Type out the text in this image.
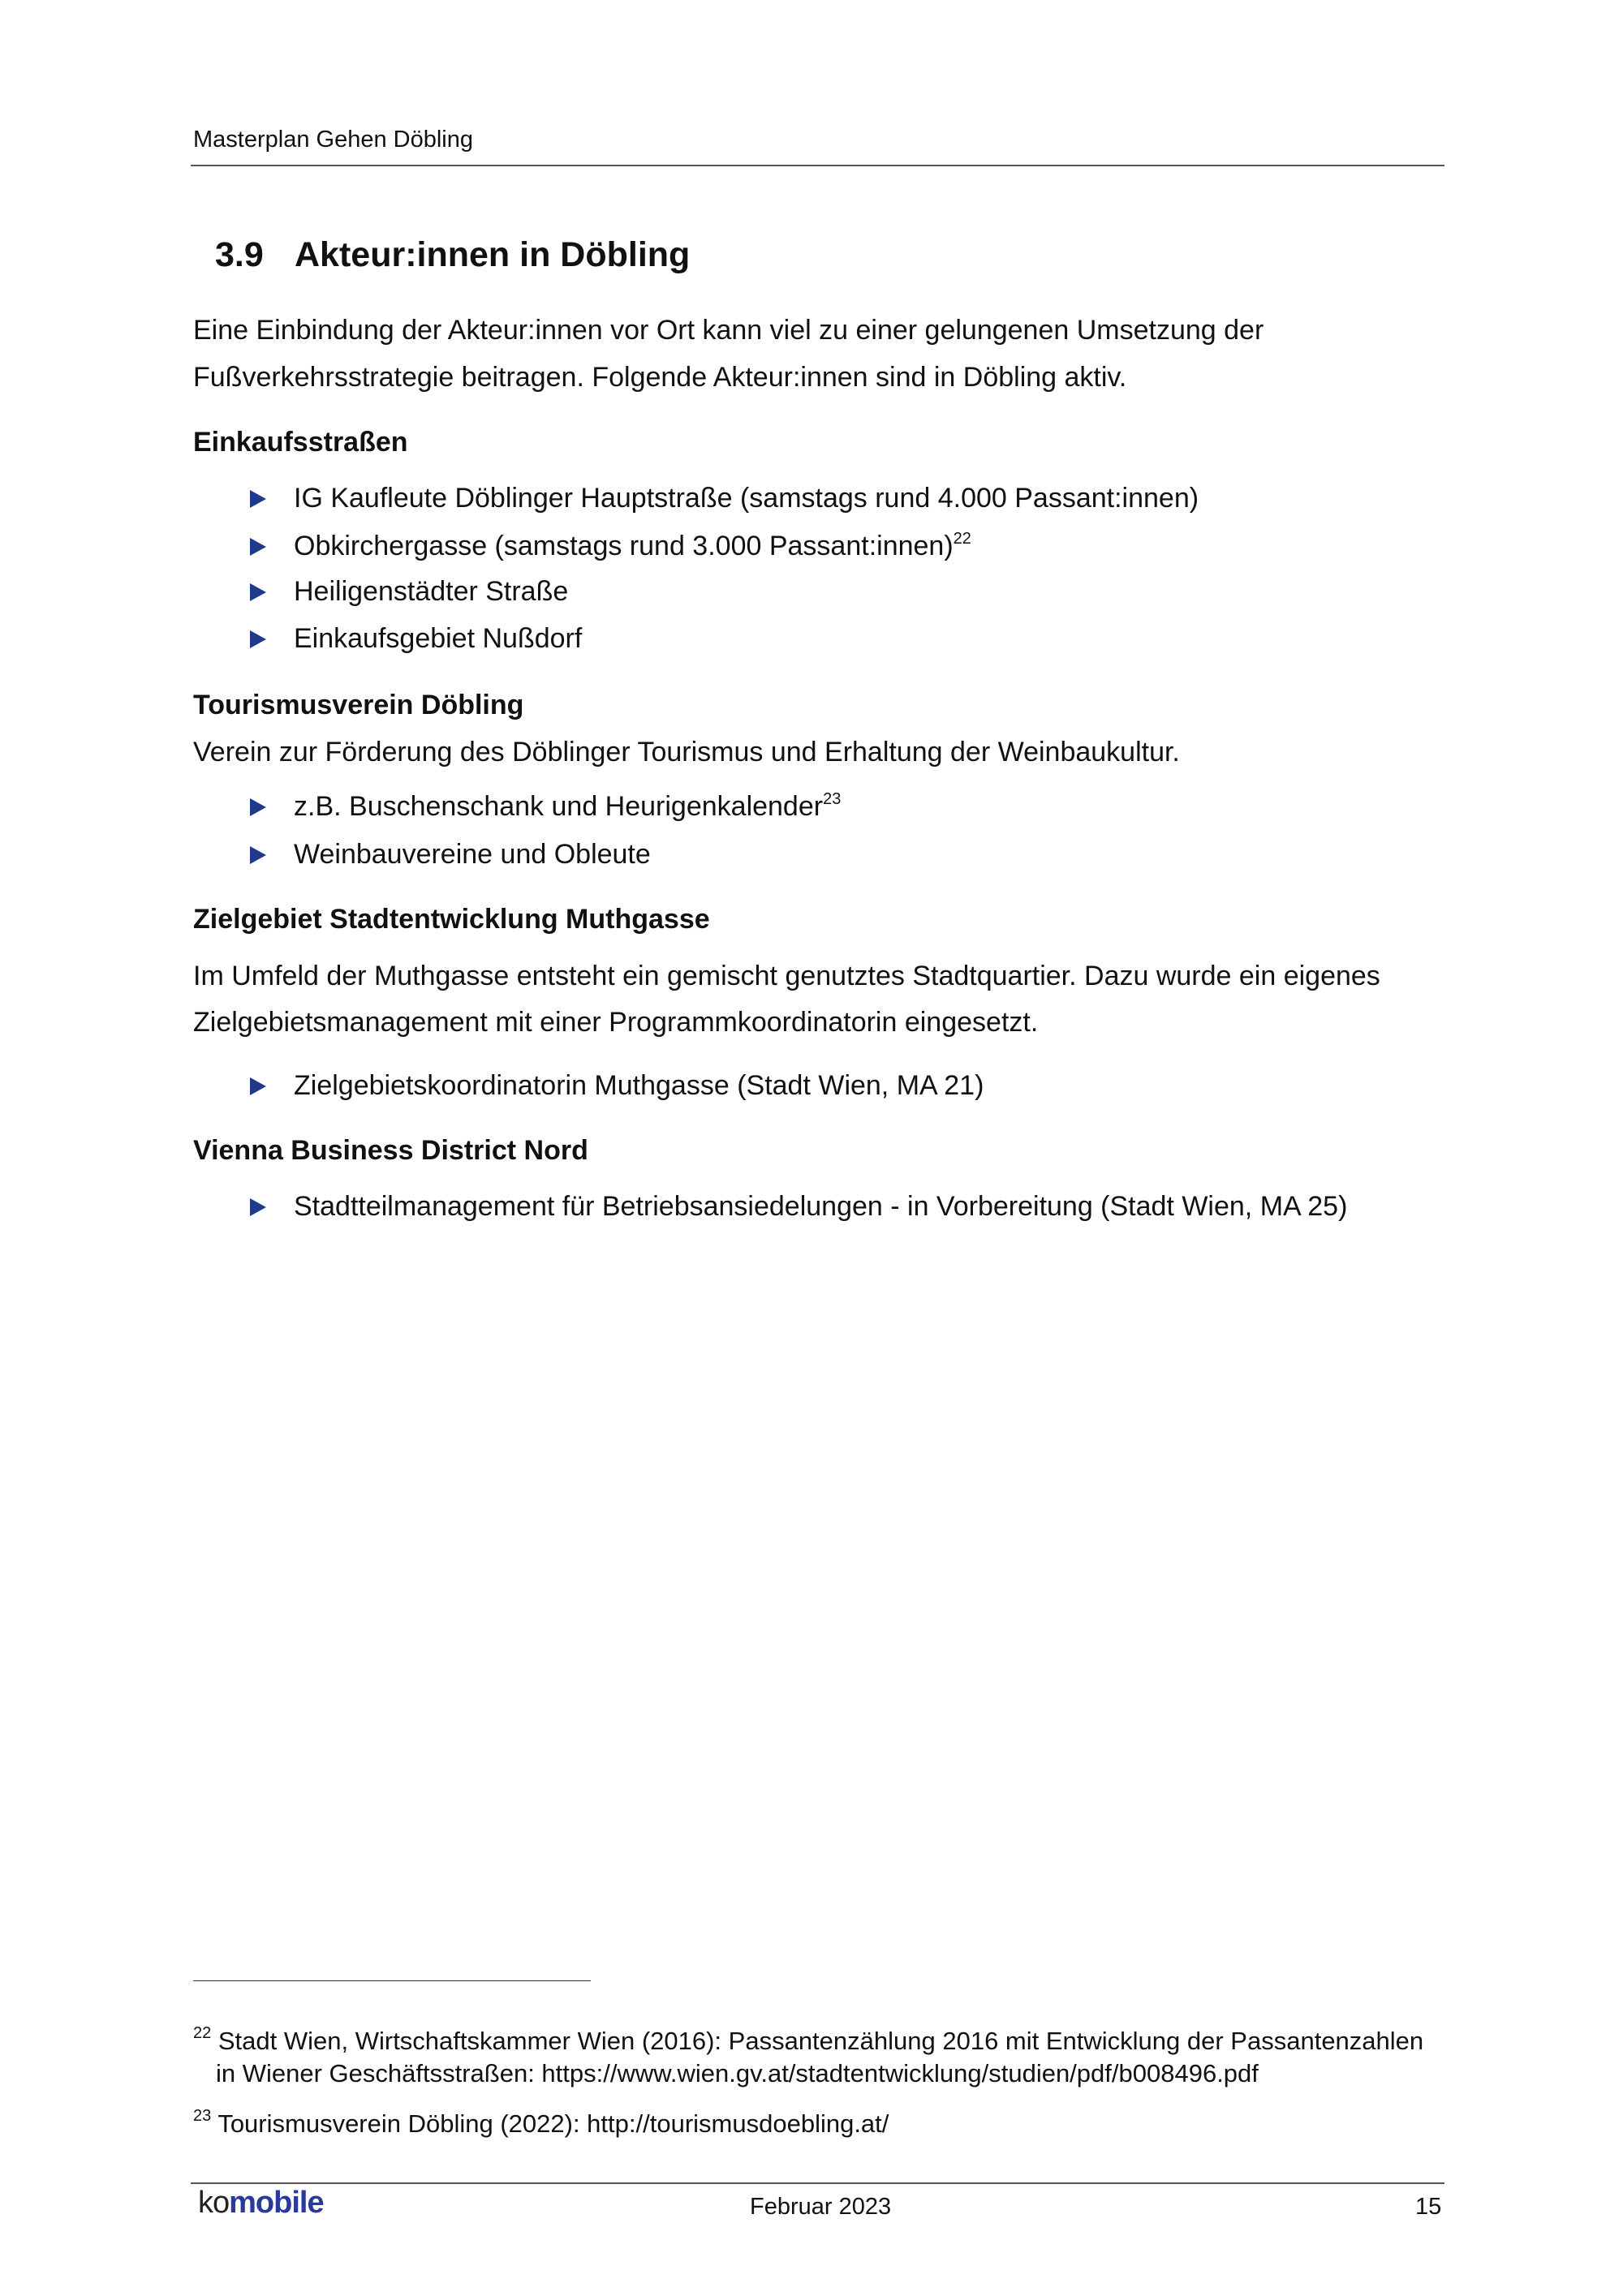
Masterplan Gehen Döbling
3.9 Akteur:innen in Döbling
Eine Einbindung der Akteur:innen vor Ort kann viel zu einer gelungenen Umsetzung der
Fußverkehrsstrategie beitragen. Folgende Akteur:innen sind in Döbling aktiv.
Einkaufsstraßen
IG Kaufleute Döblinger Hauptstraße (samstags rund 4.000 Passant:innen)
Obkirchergasse (samstags rund 3.000 Passant:innen)$^{22}$
Heiligenstädter Straße
Einkaufsgebiet Nußdorf
Tourismusverein Döbling
Verein zur Förderung des Döblinger Tourismus und Erhaltung der Weinbaukultur.
z.B. Buschenschank und Heurigenkalender$^{23}$
Weinbauvereine und Obleute
Zielgebiet Stadtentwicklung Muthgasse
Im Umfeld der Muthgasse entsteht ein gemischt genutztes Stadtquartier. Dazu wurde ein eigenes
Zielgebietsmanagement mit einer Programmkoordinatorin eingesetzt.
Zielgebietskoordinatorin Muthgasse (Stadt Wien, MA 21)
Vienna Business District Nord
Stadtteilmanagement für Betriebsansiedelungen - in Vorbereitung (Stadt Wien, MA 25)
$^{22}$ Stadt Wien, Wirtschaftskammer Wien (2016): Passantenzählung 2016 mit Entwicklung der Passantenzahlen
in Wiener Geschäftsstraßen: https://www.wien.gv.at/stadtentwicklung/studien/pdf/b008496.pdf
$^{23}$ Tourismusverein Döbling (2022): http://tourismusdoebling.at/
komobile	Februar 2023	15
